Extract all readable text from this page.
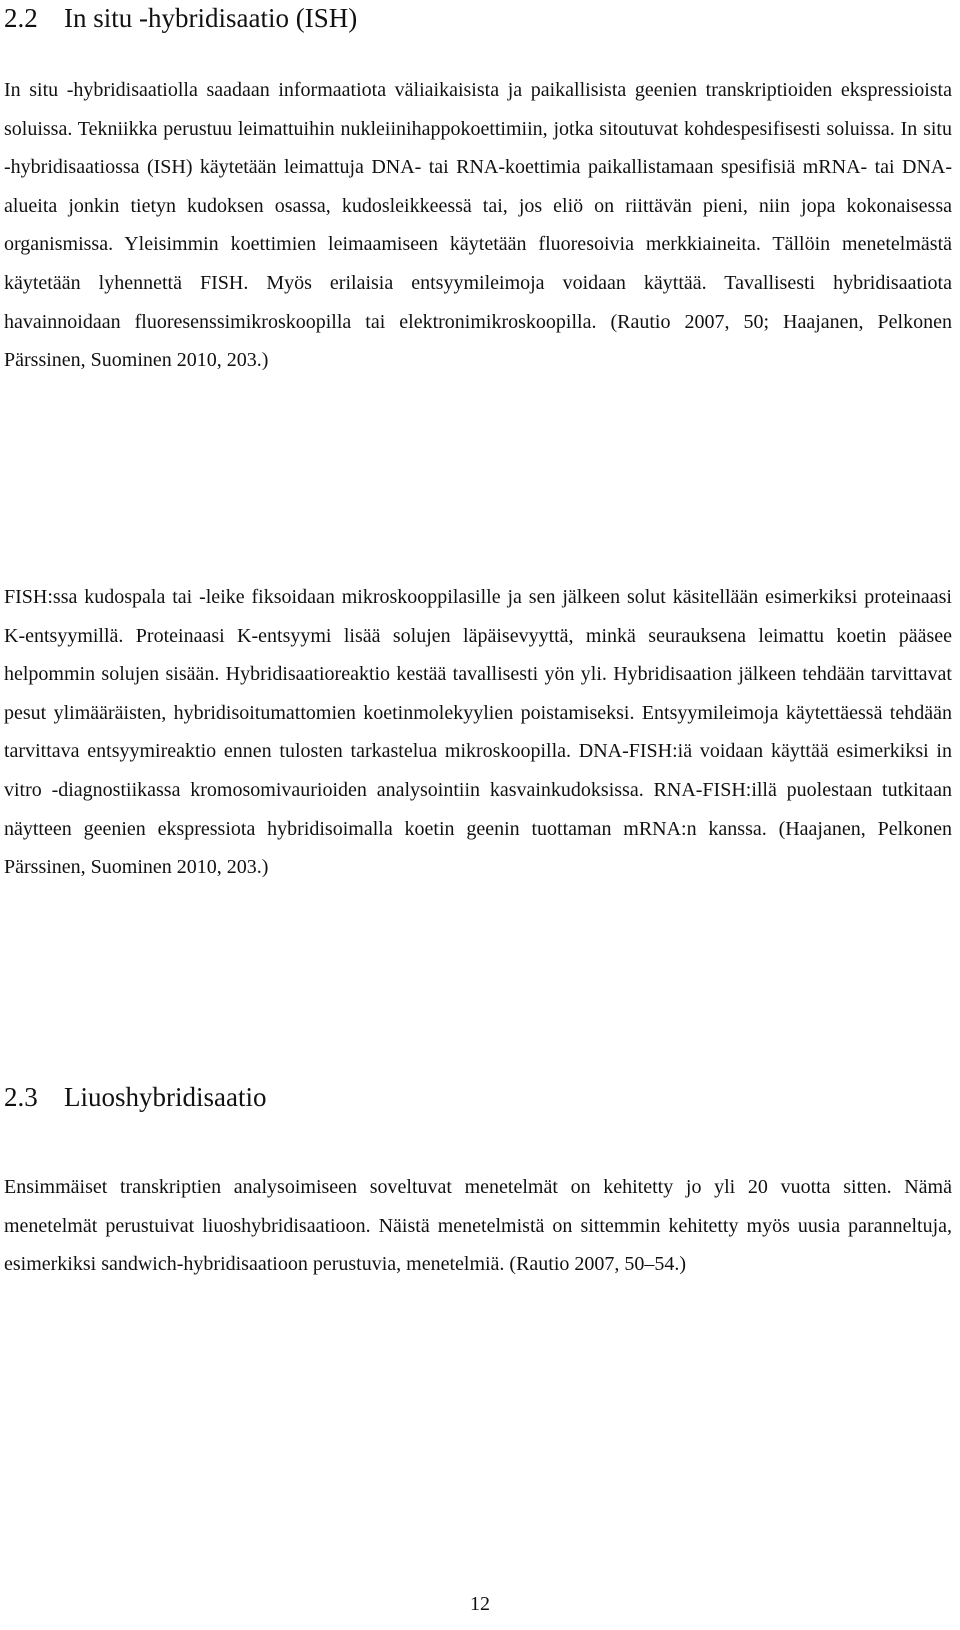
2.2 In situ -hybridisaatio (ISH)

In situ -hybridisaatiolla saadaan informaatiota väliaikaisista ja paikallisista geenien transkriptioiden ekspressioista soluissa. Tekniikka perustuu leimattuihin nukleiinihappokoettimiin, jotka sitoutuvat kohdespesifisesti soluissa. In situ -hybridisaatiossa (ISH) käytetään leimattuja DNA- tai RNA-koettimia paikallistamaan spesifisiä mRNA- tai DNA-alueita jonkin tietyn kudoksen osassa, kudosleikkeessä tai, jos eliö on riittävän pieni, niin jopa kokonaisessa organismissa. Yleisimmin koettimien leimaamiseen käytetään fluoresoivia merkkiaineita. Tällöin menetelmästä käytetään lyhennettä FISH. Myös erilaisia entsyymileimoja voidaan käyttää. Tavallisesti hybridisaatiota havainnoidaan fluoresenssimikroskoopilla tai elektronimikroskoopilla. (Rautio 2007, 50; Haajanen, Pelkonen Pärssinen, Suominen 2010, 203.)

FISH:ssa kudospala tai -leike fiksoidaan mikroskooppilasille ja sen jälkeen solut käsitellään esimerkiksi proteinaasi K-entsyymillä. Proteinaasi K-entsyymi lisää solujen läpäisevyyttä, minkä seurauksena leimattu koetin pääsee helpommin solujen sisään. Hybridisaatioreaktio kestää tavallisesti yön yli. Hybridisaation jälkeen tehdään tarvittavat pesut ylimääräisten, hybridisoitumattomien koetinmolekyylien poistamiseksi. Entsyymileimoja käytettäessä tehdään tarvittava entsyymireaktio ennen tulosten tarkastelua mikroskoopilla. DNA-FISH:iä voidaan käyttää esimerkiksi in vitro -diagnostiikassa kromosomivaurioiden analysointiin kasvainkudoksissa. RNA-FISH:illä puolestaan tutkitaan näytteen geenien ekspressiota hybridisoimalla koetin geenin tuottaman mRNA:n kanssa. (Haajanen, Pelkonen Pärssinen, Suominen 2010, 203.)

2.3 Liuoshybridisaatio

Ensimmäiset transkriptien analysoimiseen soveltuvat menetelmät on kehitetty jo yli 20 vuotta sitten. Nämä menetelmät perustuivat liuoshybridisaatioon. Näistä menetelmistä on sittemmin kehitetty myös uusia paranneltuja, esimerkiksi sandwich-hybridisaatioon perustuvia, menetelmiä. (Rautio 2007, 50–54.)

12
